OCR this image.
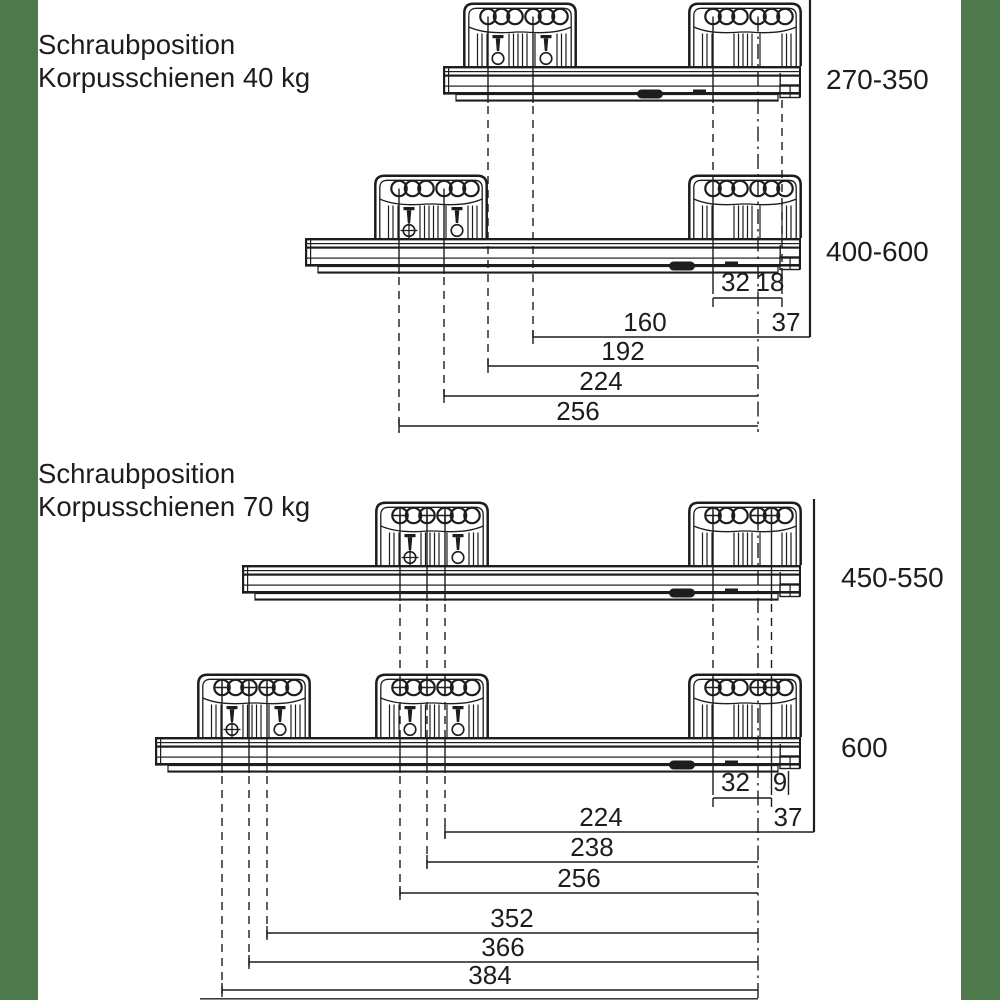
Schraubposition
Korpusschienen 40 kg
32 18
160	37
192
224
256
270-350
400-600
Schraubposition
Korpusschienen 70 kg
32 9
224	37
238
256
352
366
384
450-550
600
